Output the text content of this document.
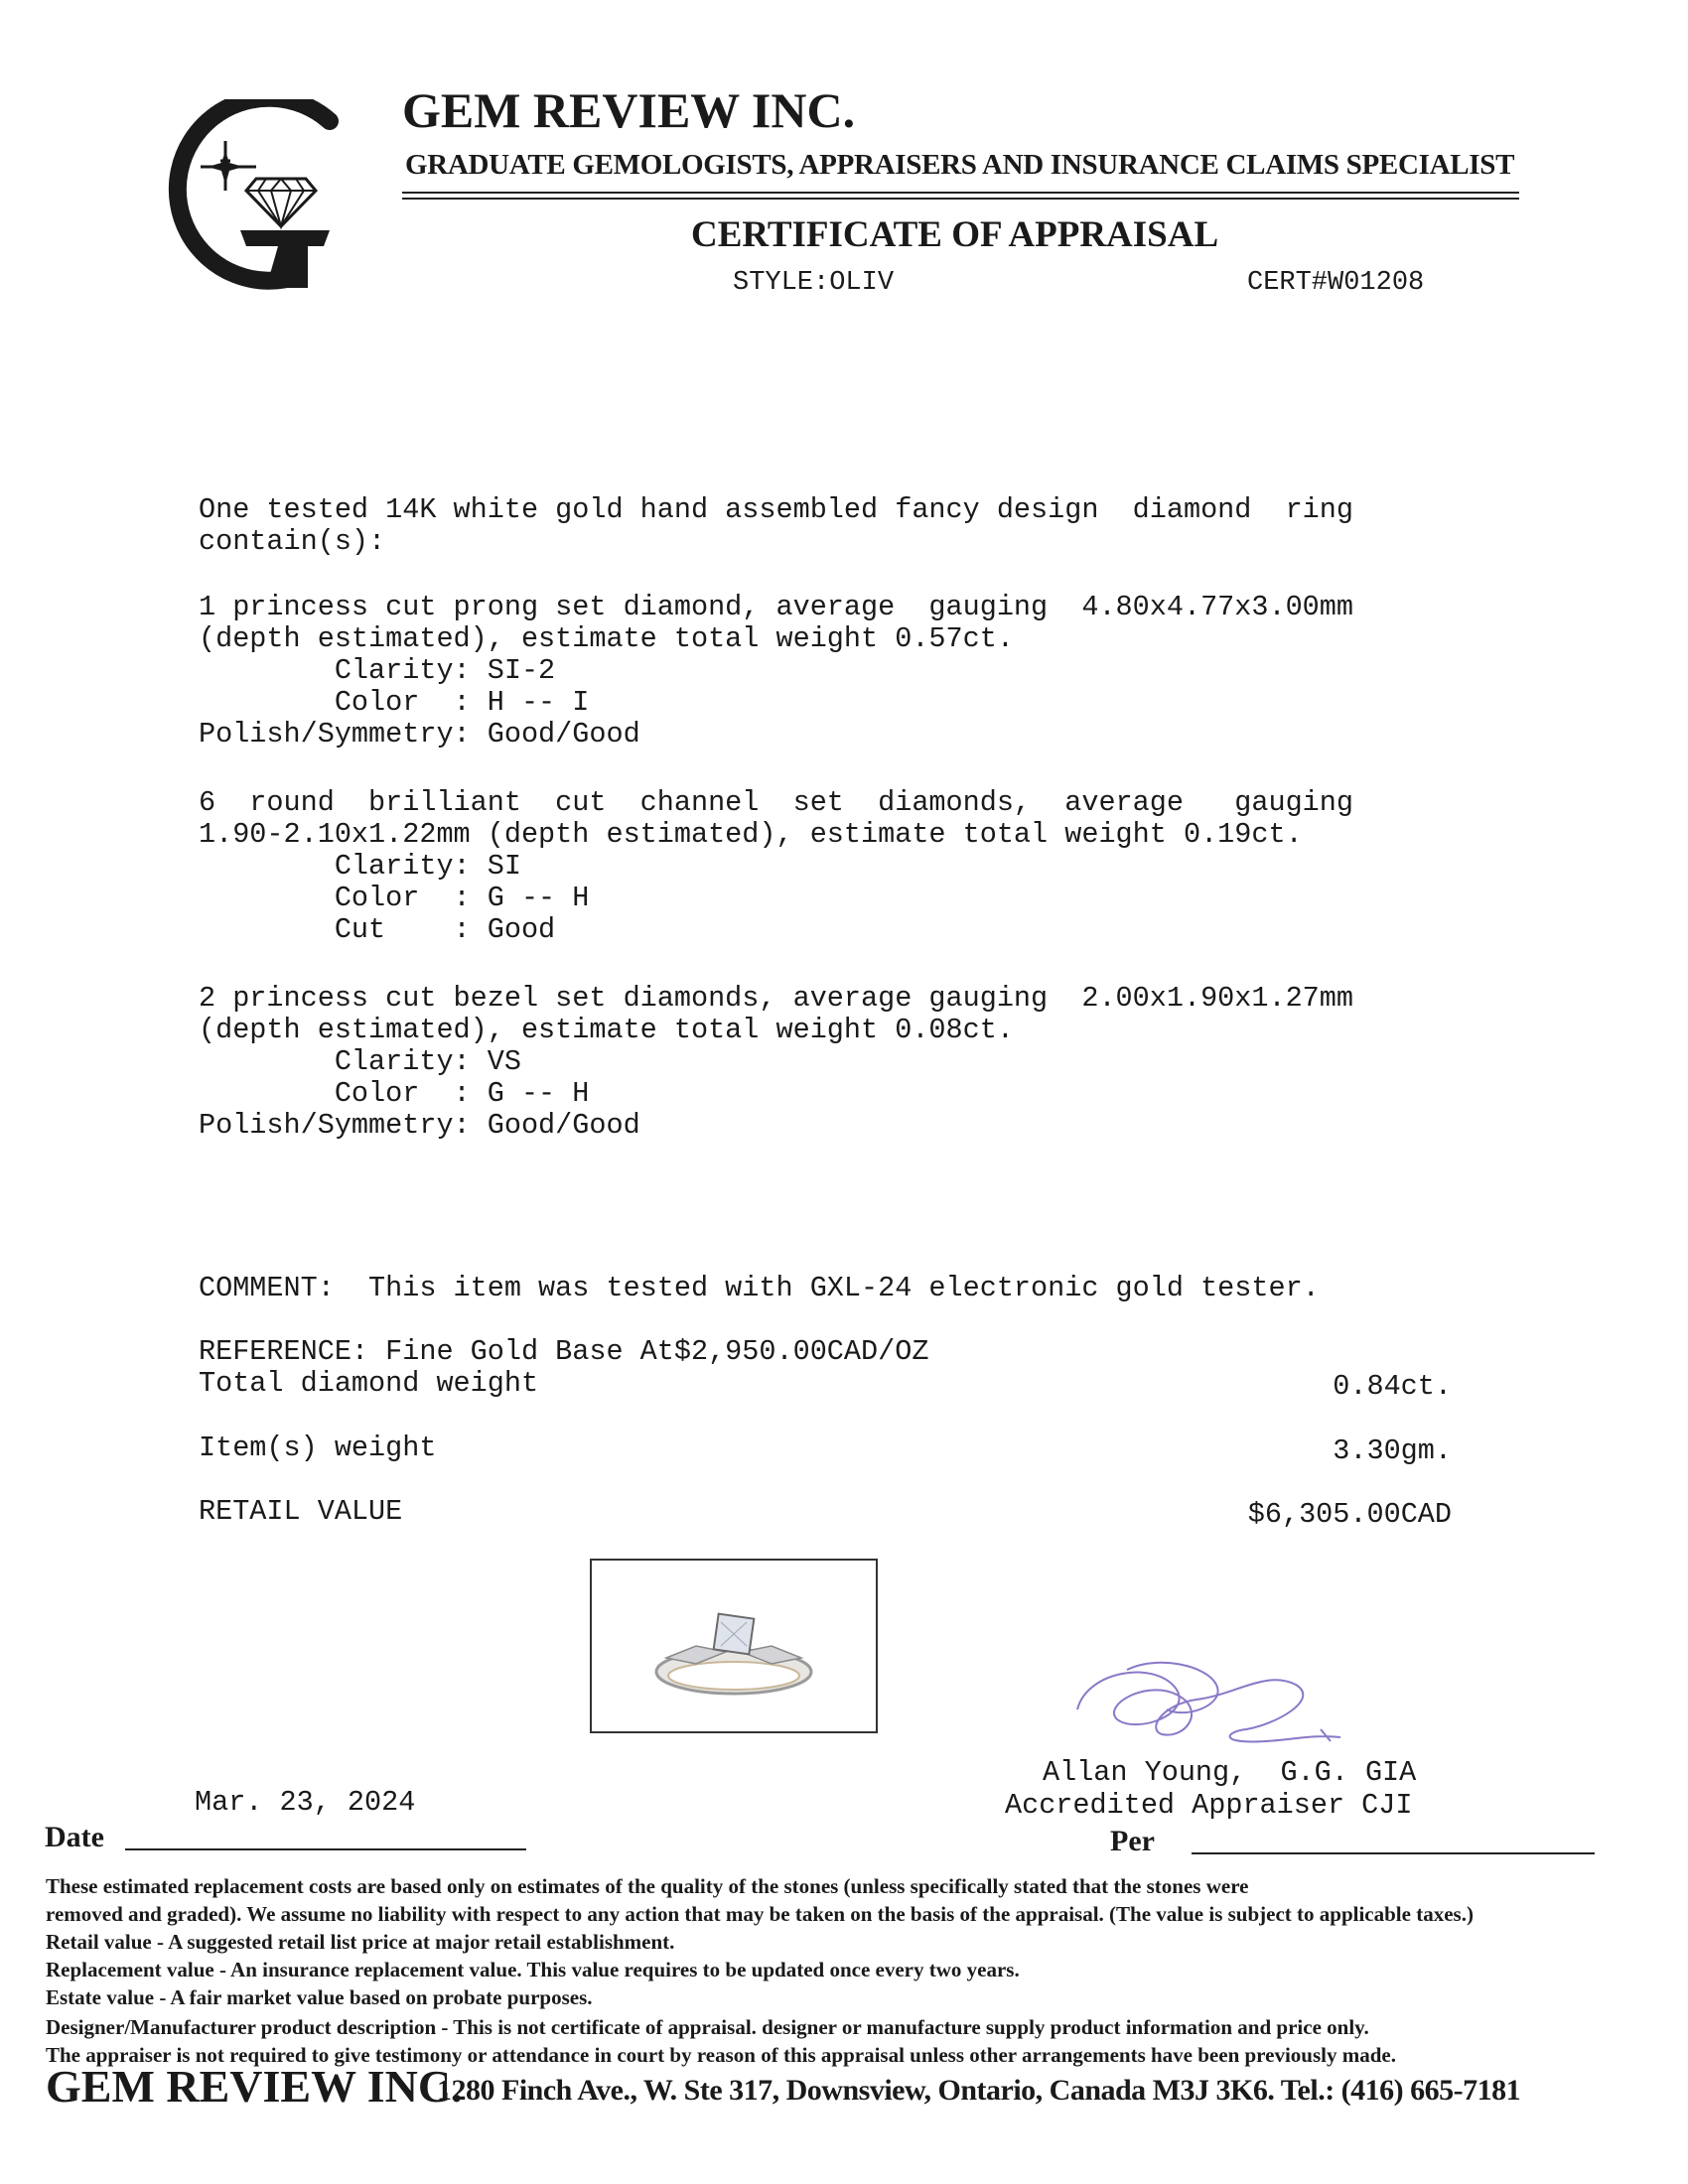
GEM REVIEW INC.
GRADUATE GEMOLOGISTS, APPRAISERS AND INSURANCE CLAIMS SPECIALIST
CERTIFICATE OF APPRAISAL
STYLE:OLIV	CERT#W01208
One tested 14K white gold hand assembled fancy design  diamond  ring
contain(s):
1 princess cut prong set diamond, average  gauging  4.80x4.77x3.00mm
(depth estimated), estimate total weight 0.57ct.
Clarity: SI-2
Color  : H -- I
Polish/Symmetry: Good/Good
6  round  brilliant  cut  channel  set  diamonds,  average   gauging
1.90-2.10x1.22mm (depth estimated), estimate total weight 0.19ct.
Clarity: SI
Color  : G -- H
Cut    : Good
2 princess cut bezel set diamonds, average gauging  2.00x1.90x1.27mm
(depth estimated), estimate total weight 0.08ct.
Clarity: VS
Color  : G -- H
Polish/Symmetry: Good/Good
COMMENT:  This item was tested with GXL-24 electronic gold tester.
REFERENCE: Fine Gold Base At$2,950.00CAD/OZ
Total diamond weight	0.84ct.
Item(s) weight	3.30gm.
RETAIL VALUE	$6,305.00CAD
Allan Young,  G.G. GIA
Accredited Appraiser CJI
Mar. 23, 2024
Date	Per
These estimated replacement costs are based only on estimates of the quality of the stones (unless specifically stated that the stones were
removed and graded). We assume no liability with respect to any action that may be taken on the basis of the appraisal. (The value is subject to applicable taxes.)
Retail value - A suggested retail list price at major retail establishment.
Replacement value - An insurance replacement value. This value requires to be updated once every two years.
Estate value - A fair market value based on probate purposes.
Designer/Manufacturer product description - This is not certificate of appraisal. designer or manufacture supply product information and price only.
The appraiser is not required to give testimony or attendance in court by reason of this appraisal unless other arrangements have been previously made.
GEM REVIEW INC.
1280 Finch Ave., W. Ste 317, Downsview, Ontario, Canada M3J 3K6. Tel.: (416) 665-7181
